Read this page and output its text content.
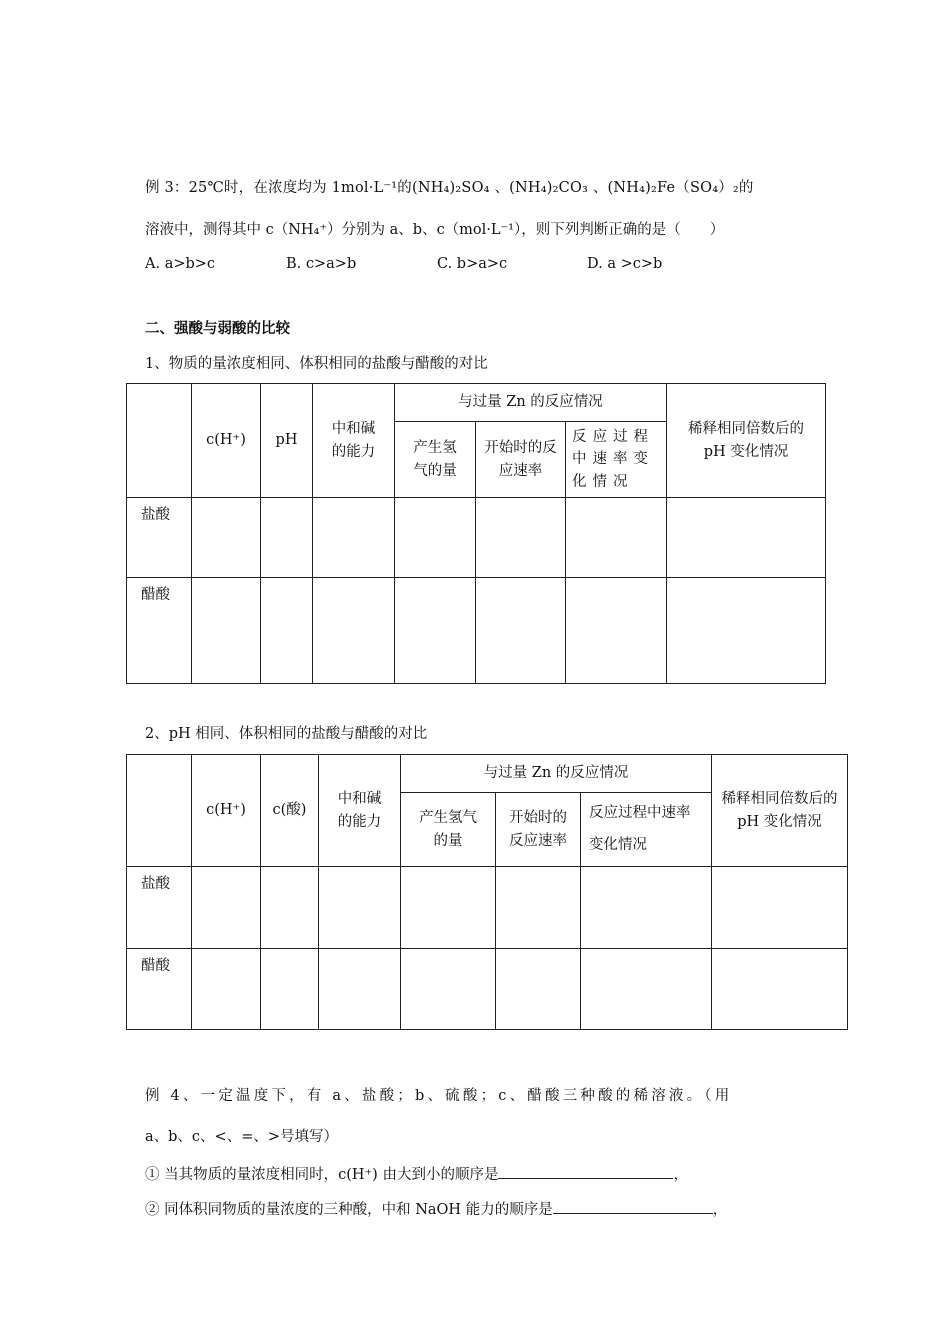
例 3：25℃时，在浓度均为 1mol·L⁻¹的(NH₄)₂SO₄ 、(NH₄)₂CO₃ 、(NH₄)₂Fe（SO₄）₂的
溶液中，测得其中 c（NH₄⁺）分别为 a、b、c（mol·L⁻¹），则下列判断正确的是（　　）
A. a>b>c	B. c>a>b	C. b>a>c	D. a >c>b
二、强酸与弱酸的比较
1、物质的量浓度相同、体积相同的盐酸与醋酸的对比
	c(H⁺)	pH	中和碱的能力	与过量 Zn 的反应情况			稀释相同倍数后的 pH 变化情况
				产生氢气的量	开始时的反应速率	反应过程中速率变化情况	
盐酸							
醋酸							
2、pH 相同、体积相同的盐酸与醋酸的对比
	c(H⁺)	c(酸)	中和碱的能力	与过量 Zn 的反应情况			稀释相同倍数后的 pH 变化情况
				产生氢气的量	开始时的反应速率	反应过程中速率变化情况	
盐酸							
醋酸							
例 4、一定温度下，有 a、盐酸；b、硫酸；c、醋酸三种酸的稀溶液。（用
a、b、c、<、=、>号填写）
① 当其物质的量浓度相同时，c(H⁺) 由大到小的顺序是	，
② 同体积同物质的量浓度的三种酸，中和 NaOH 能力的顺序是	，
